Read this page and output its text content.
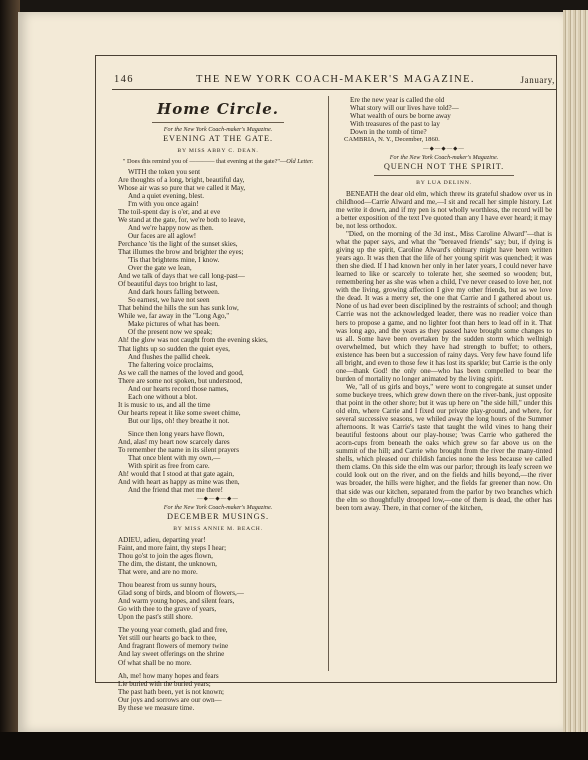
146	THE NEW YORK COACH-MAKER'S MAGAZINE.	January,
Home Circle.
For the New York Coach-maker's Magazine.
EVENING AT THE GATE.
BY MISS ABBY C. DEAN.
" Does this remind you of ———— that evening at the gate?"—Old Letter.
WITH the token you sent
Are thoughts of a long, bright, beautiful day,
Whose air was so pure that we called it May,
And a quiet evening, blest.
I'm with you once again!
The toil-spent day is o'er, and at eve
We stand at the gate, for, we're both to leave,
And we're happy now as then.
Our faces are all aglow!
Perchance 'tis the light of the sunset skies,
That illumes the brow and brighter the eyes;
'Tis that brightens mine, I know.
Over the gate we lean,
And we talk of days that we call long-past—
Of beautiful days too bright to last,
And dark hours falling between.
So earnest, we have not seen
That behind the hills the sun has sunk low,
While we, far away in the "Long Ago,"
Make pictures of what has been.
Of the present now we speak;
Ah! the glow was not caught from the evening skies,
That lights up so sudden the quiet eyes,
And flushes the pallid cheek.
The faltering voice proclaims,
As we call the names of the loved and good,
There are some not spoken, but understood,
And our hearts record those names,
Each one without a blot.
It is music to us, and all the time
Our hearts repeat it like some sweet chime,
But our lips, oh! they breathe it not.
Since then long years have flown,
And, alas! my heart now scarcely dares
To remember the name in its silent prayers
That once blent with my own,—
With spirit as free from care.
Ah! would that I stood at that gate again,
And with heart as happy as mine was then,
And the friend that met me there!
—◆—◆—◆—
For the New York Coach-maker's Magazine.
DECEMBER MUSINGS.
BY MISS ANNIE M. BEACH.
ADIEU, adieu, departing year!
Faint, and more faint, thy steps I hear;
Thou go'st to join the ages flown,
The dim, the distant, the unknown,
That were, and are no more.
Thou bearest from us sunny hours,
Glad song of birds, and bloom of flowers,—
And warm young hopes, and silent fears,
Go with thee to the grave of years,
Upon the past's still shore.
The young year cometh, glad and free,
Yet still our hearts go back to thee,
And fragrant flowers of memory twine
And lay sweet offerings on the shrine
Of what shall be no more.
Ah, me! how many hopes and fears
Lie buried with the buried years;
The past hath been, yet is not known;
Our joys and sorrows are our own—
By these we measure time.
Ere the new year is called the old
What story will our lives have told?—
What wealth of ours be borne away
With treasures of the past to lay
Down in the tomb of time?
CAMBRIA, N. Y., December, 1860.
—◆—◆—◆—
For the New York Coach-maker's Magazine.
QUENCH NOT THE SPIRIT.
BY LUA DELINN.

BENEATH the dear old elm, which threw its grateful shadow over us in childhood—Carrie Alward and me,—I sit and recall her simple history. Let me write it down, and if my pen is not wholly worthless, the record will be a better exposition of the text I've quoted than any I have ever heard; it may be, not less orthodox.

"Died, on the morning of the 3d inst., Miss Caroline Alward"—that is what the paper says, and what the "bereaved friends" say; but, if dying is giving up the spirit, Caroline Alward's obituary might have been written years ago. It was then that the life of her young spirit was quenched; it was then she died. If I had known her only in her later years, I could never have learned to like or scarcely to tolerate her, she seemed so wooden; but, remembering her as she was when a child, I've never ceased to love her, not with the living, growing affection I give my other friends, but as we love the dead. It was a merry set, the one that Carrie and I gathered about us. None of us had ever been disciplined by the restraints of school; and though Carrie was not the acknowledged leader, there was no readier voice than hers to propose a game, and no lighter foot than hers to lead off in it. That was long ago, and the years as they passed have brought some changes to us all. Some have been overtaken by the sudden storm which wellnigh overwhelmed, but which they have had strength to buffet; to others, existence has been but a succession of rainy days. Very few have found life all bright, and even to those few it has lost its sparkle; but Carrie is the only one—thank God! the only one—who has been compelled to bear the burden of mortality no longer animated by the living spirit.

We, "all of us girls and boys," were wont to congregate at sunset under some buckeye trees, which grew down there on the river-bank, just opposite that point in the other shore; but it was up here on "the side hill," under this old elm, where Carrie and I fixed our private play-ground, and where, for several successive seasons, we whiled away the long hours of the Summer afternoons. It was Carrie's taste that taught the wild vines to hang their beautiful festoons about our play-house; 'twas Carrie who gathered the acorn-cups from beneath the oaks which grew so far above us on the summit of the hill; and Carrie who brought from the river the many-tinted shells, which pleased our childish fancies none the less because we called them clams. On this side the elm was our parlor; through its leafy screen we could look out on the river, and on the fields and hills beyond,—the river was broader, the hills were higher, and the fields far greener than now. On that side was our kitchen, separated from the parlor by two branches which the elm so thoughtfully drooped low,—one of them is dead, the other has been torn away. There, in that corner of the kitchen,
